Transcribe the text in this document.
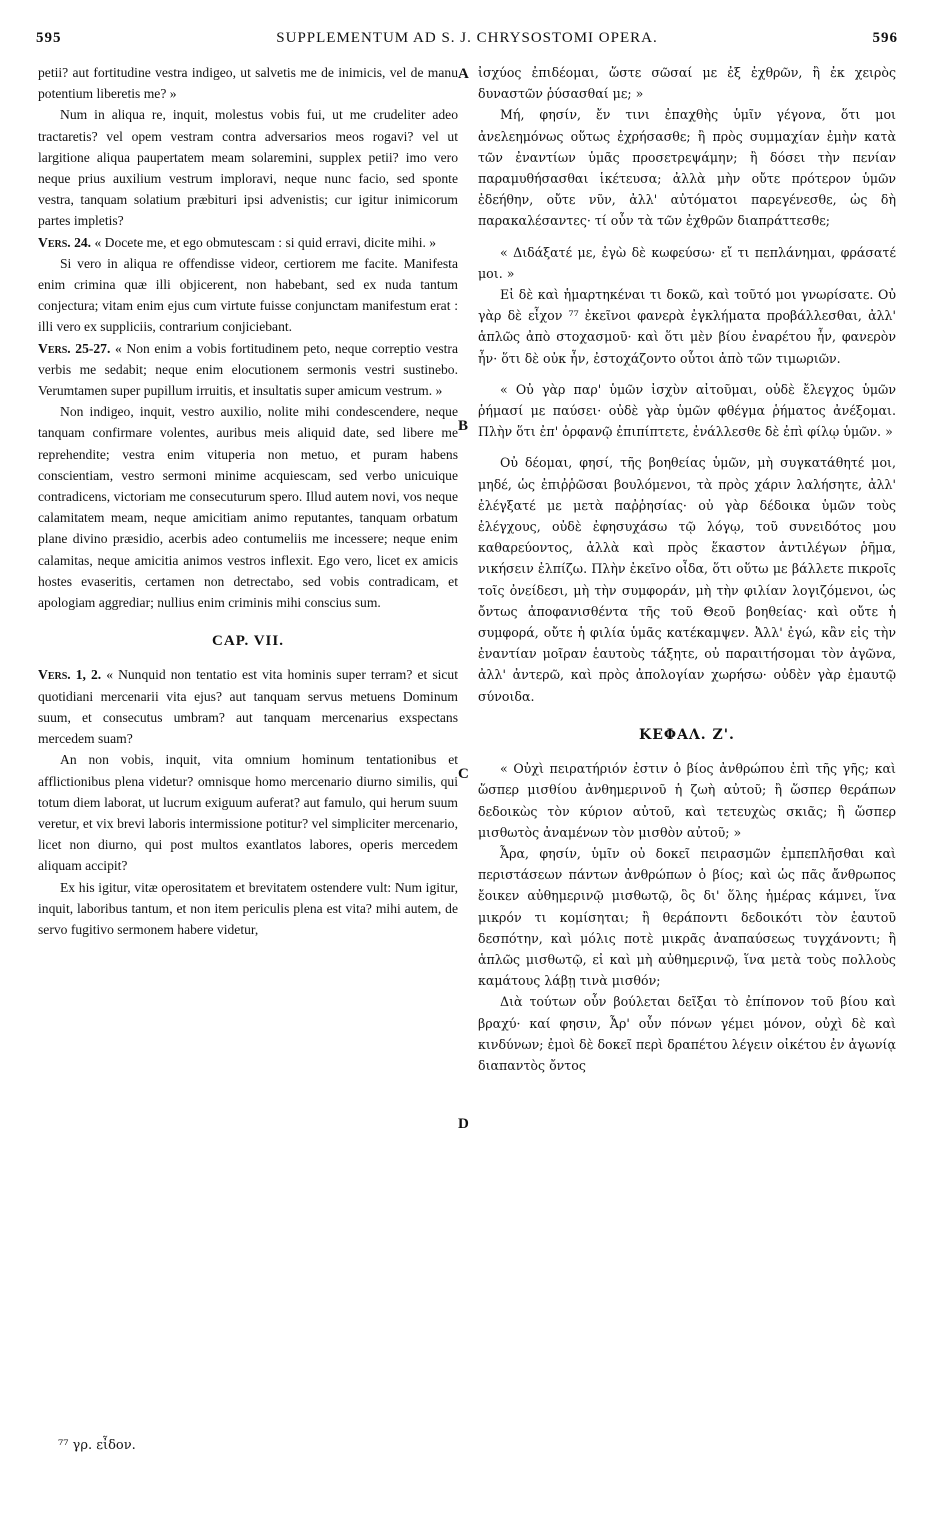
595	SUPPLEMENTUM AD S. J. CHRYSOSTOMI OPERA.	596

petii? aut fortitudine vestra indigeo, ut salvetis me de inimicis, vel de manu potentium liberetis me? »

Num in aliqua re, inquit, molestus vobis fui, ut me crudeliter adeo tractaretis? vel opem vestram contra adversarios meos rogavi? vel ut largitione aliqua paupertatem meam solaremini, supplex petii? imo vero neque prius auxilium vestrum imploravi, neque nunc facio, sed sponte vestra, tanquam solatium præbituri ipsi advenistis; cur igitur inimicorum partes impletis?

Vers. 24. « Docete me, et ego obmutescam : si quid erravi, dicite mihi. »

Si vero in aliqua re offendisse videor, certiorem me facite. Manifesta enim crimina quæ illi objicerent, non habebant, sed ex nuda tantum conjectura; vitam enim ejus cum virtute fuisse conjunctam manifestum erat : illi vero ex suppliciis, contrarium conjiciebant.

Vers. 25-27. « Non enim a vobis fortitudinem peto, neque correptio vestra verbis me sedabit; neque enim elocutionem sermonis vestri sustinebo. Verumtamen super pupillum irruitis, et insultatis super amicum vestrum. »

Non indigeo, inquit, vestro auxilio, nolite mihi condescendere, neque tanquam confirmare volentes, auribus meis aliquid date, sed libere me reprehendite; vestra enim vituperia non metuo, et puram habens conscientiam, vestro sermoni minime acquiescam, sed verbo unicuique contradicens, victoriam me consecuturum spero. Illud autem novi, vos neque calamitatem meam, neque amicitiam animo reputantes, tanquam orbatum plane divino præsidio, acerbis adeo contumeliis me incessere; neque enim calamitas, neque amicitia animos vestros inflexit. Ego vero, licet ex amicis hostes evaseritis, certamen non detrectabo, sed vobis contradicam, et apologiam aggrediar; nullius enim criminis mihi conscius sum.

CAP. VII.

Vers. 1, 2. « Nunquid non tentatio est vita hominis super terram? et sicut quotidiani mercenarii vita ejus? aut tanquam servus metuens Dominum suum, et consecutus umbram? aut tanquam mercenarius exspectans mercedem suam?

An non vobis, inquit, vita omnium hominum tentationibus et afflictionibus plena videtur? omnisque homo mercenario diurno similis, qui totum diem laborat, ut lucrum exiguum auferat? aut famulo, qui herum suum veretur, et vix brevi laboris intermissione potitur? vel simpliciter mercenario, licet non diurno, qui post multos exantlatos labores, operis mercedem aliquam accipit?

Ex his igitur, vitæ operositatem et brevitatem ostendere vult: Num igitur, inquit, laboribus tantum, et non item periculis plena est vita? mihi autem, de servo fugitivo sermonem habere videtur,

A
B
C
D

ἰσχύος ἐπιδέομαι, ὥστε σῶσαί με ἐξ ἐχθρῶν, ἢ ἐκ χειρὸς δυναστῶν ῥύσασθαί με; »

Μή, φησίν, ἔν τινι ἐπαχθὴς ὑμῖν γέγονα, ὅτι μοι ἀνελεημόνως οὕτως ἐχρήσασθε; ἢ πρὸς συμμαχίαν ἐμὴν κατὰ τῶν ἐναντίων ὑμᾶς προσετρεψάμην; ἢ δόσει τὴν πενίαν παραμυθήσασθαι ἱκέτευσα; ἀλλὰ μὴν οὔτε πρότερον ὑμῶν ἐδεήθην, οὔτε νῦν, ἀλλ' αὐτόματοι παρεγένεσθε, ὡς δὴ παρακαλέσαντες· τί οὖν τὰ τῶν ἐχθρῶν διαπράττεσθε;

« Διδάξατέ με, ἐγὼ δὲ κωφεύσω· εἴ τι πεπλάνημαι, φράσατέ μοι. »

Εἰ δὲ καὶ ἡμαρτηκέναι τι δοκῶ, καὶ τοῦτό μοι γνωρίσατε. Οὐ γὰρ δὲ εἶχον ⁷⁷ ἐκεῖνοι φανερὰ ἐγκλήματα προβάλλεσθαι, ἀλλ' ἁπλῶς ἀπὸ στοχασμοῦ· καὶ ὅτι μὲν βίου ἐναρέτου ἦν, φανερὸν ἦν· ὅτι δὲ οὐκ ἦν, ἐστοχάζοντο οὗτοι ἀπὸ τῶν τιμωριῶν.

« Οὐ γὰρ παρ' ὑμῶν ἰσχὺν αἰτοῦμαι, οὐδὲ ἔλεγχος ὑμῶν ῥήμασί με παύσει· οὐδὲ γὰρ ὑμῶν φθέγμα ῥήματος ἀνέξομαι. Πλὴν ὅτι ἐπ' ὀρφανῷ ἐπιπίπτετε, ἐνάλλεσθε δὲ ἐπὶ φίλῳ ὑμῶν. »

Οὐ δέομαι, φησί, τῆς βοηθείας ὑμῶν, μὴ συγκατάθητέ μοι, μηδέ, ὡς ἐπιῤῥῶσαι βουλόμενοι, τὰ πρὸς χάριν λαλήσητε, ἀλλ' ἐλέγξατέ με μετὰ παῤῥησίας· οὐ γὰρ δέδοικα ὑμῶν τοὺς ἐλέγχους, οὐδὲ ἐφησυχάσω τῷ λόγῳ, τοῦ συνειδότος μου καθαρεύοντος, ἀλλὰ καὶ πρὸς ἕκαστον ἀντιλέγων ῥῆμα, νικήσειν ἐλπίζω. Πλὴν ἐκεῖνο οἶδα, ὅτι οὕτω με βάλλετε πικροῖς τοῖς ὀνείδεσι, μὴ τὴν συμφοράν, μὴ τὴν φιλίαν λογιζόμενοι, ὡς ὄντως ἀποφανισθέντα τῆς τοῦ Θεοῦ βοηθείας· καὶ οὔτε ἡ συμφορά, οὔτε ἡ φιλία ὑμᾶς κατέκαμψεν. Ἀλλ' ἐγώ, κἂν εἰς τὴν ἐναντίαν μοῖραν ἑαυτοὺς τάξητε, οὐ παραιτήσομαι τὸν ἀγῶνα, ἀλλ' ἀντερῶ, καὶ πρὸς ἀπολογίαν χωρήσω· οὐδὲν γὰρ ἐμαυτῷ σύνοιδα.

ΚΕΦΑΛ. Ζ'.

« Οὐχὶ πειρατήριόν ἐστιν ὁ βίος ἀνθρώπου ἐπὶ τῆς γῆς; καὶ ὥσπερ μισθίου ἀνθημερινοῦ ἡ ζωὴ αὐτοῦ; ἢ ὥσπερ θεράπων δεδοικὼς τὸν κύριον αὐτοῦ, καὶ τετευχὼς σκιᾶς; ἢ ὥσπερ μισθωτὸς ἀναμένων τὸν μισθὸν αὐτοῦ; »

Ἆρα, φησίν, ὑμῖν οὐ δοκεῖ πειρασμῶν ἐμπεπλῆσθαι καὶ περιστάσεων πάντων ἀνθρώπων ὁ βίος; καὶ ὡς πᾶς ἄνθρωπος ἔοικεν αὐθημερινῷ μισθωτῷ, ὃς δι' ὅλης ἡμέρας κάμνει, ἵνα μικρόν τι κομίσηται; ἢ θεράποντι δεδοικότι τὸν ἑαυτοῦ δεσπότην, καὶ μόλις ποτὲ μικρᾶς ἀναπαύσεως τυγχάνοντι; ἢ ἁπλῶς μισθωτῷ, εἰ καὶ μὴ αὐθημερινῷ, ἵνα μετὰ τοὺς πολλοὺς καμάτους λάβῃ τινὰ μισθόν;

Διὰ τούτων οὖν βούλεται δεῖξαι τὸ ἐπίπονον τοῦ βίου καὶ βραχύ· καί φησιν, Ἆρ' οὖν πόνων γέμει μόνον, οὐχὶ δὲ καὶ κινδύνων; ἐμοὶ δὲ δοκεῖ περὶ δραπέτου λέγειν οἰκέτου ἐν ἀγωνίᾳ διαπαντὸς ὄντος

⁷⁷ γρ. εἶδον.
